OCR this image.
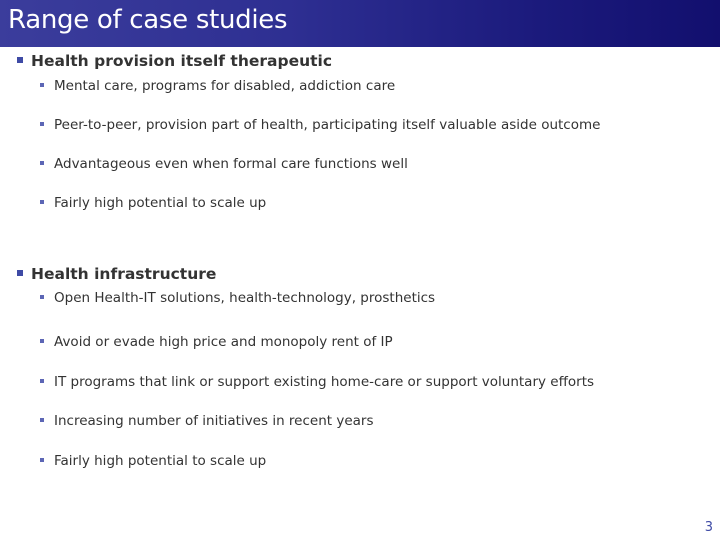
Range of case studies
Health provision itself therapeutic
Mental care, programs for disabled, addiction care
Peer-to-peer, provision part of health, participating itself valuable aside outcome
Advantageous even when formal care functions well
Fairly high potential to scale up
Health infrastructure
Open Health-IT solutions, health-technology, prosthetics
Avoid or evade high price and monopoly rent of IP
IT programs that link or support existing home-care or support voluntary efforts
Increasing number of initiatives in recent years
Fairly high potential to scale up
3
